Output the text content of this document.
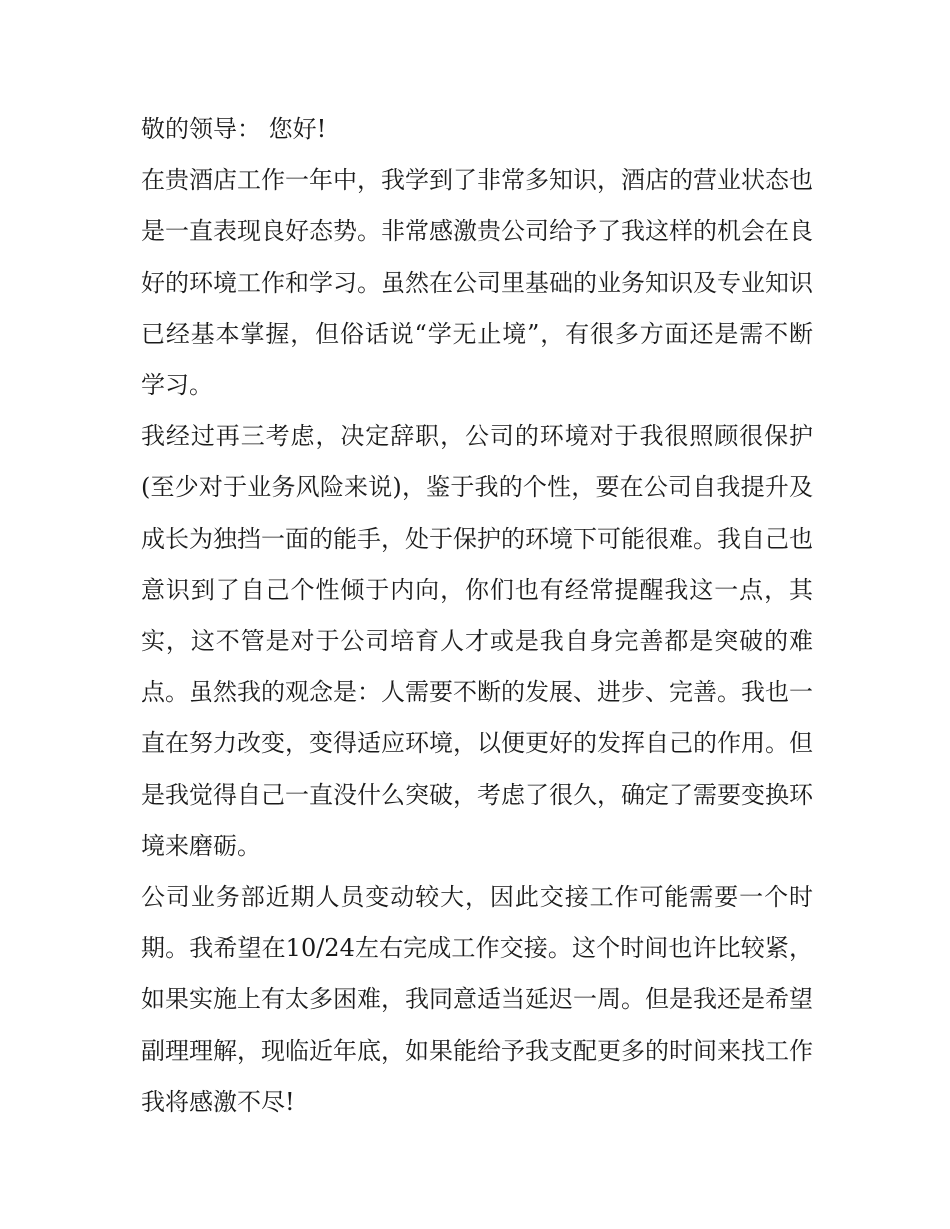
敬的领导： 您好!

在贵酒店工作一年中，我学到了非常多知识，酒店的营业状态也是一直表现良好态势。非常感激贵公司给予了我这样的机会在良好的环境工作和学习。虽然在公司里基础的业务知识及专业知识已经基本掌握，但俗话说“学无止境”，有很多方面还是需不断学习。

我经过再三考虑，决定辞职，公司的环境对于我很照顾很保护(至少对于业务风险来说)，鉴于我的个性，要在公司自我提升及成长为独挡一面的能手，处于保护的环境下可能很难。我自己也意识到了自己个性倾于内向，你们也有经常提醒我这一点，其实，这不管是对于公司培育人才或是我自身完善都是突破的难点。虽然我的观念是：人需要不断的发展、进步、完善。我也一直在努力改变，变得适应环境，以便更好的发挥自己的作用。但是我觉得自己一直没什么突破，考虑了很久，确定了需要变换环境来磨砺。

公司业务部近期人员变动较大，因此交接工作可能需要一个时期。我希望在10/24左右完成工作交接。这个时间也许比较紧，如果实施上有太多困难，我同意适当延迟一周。但是我还是希望副理理解，现临近年底，如果能给予我支配更多的时间来找工作我将感激不尽!
